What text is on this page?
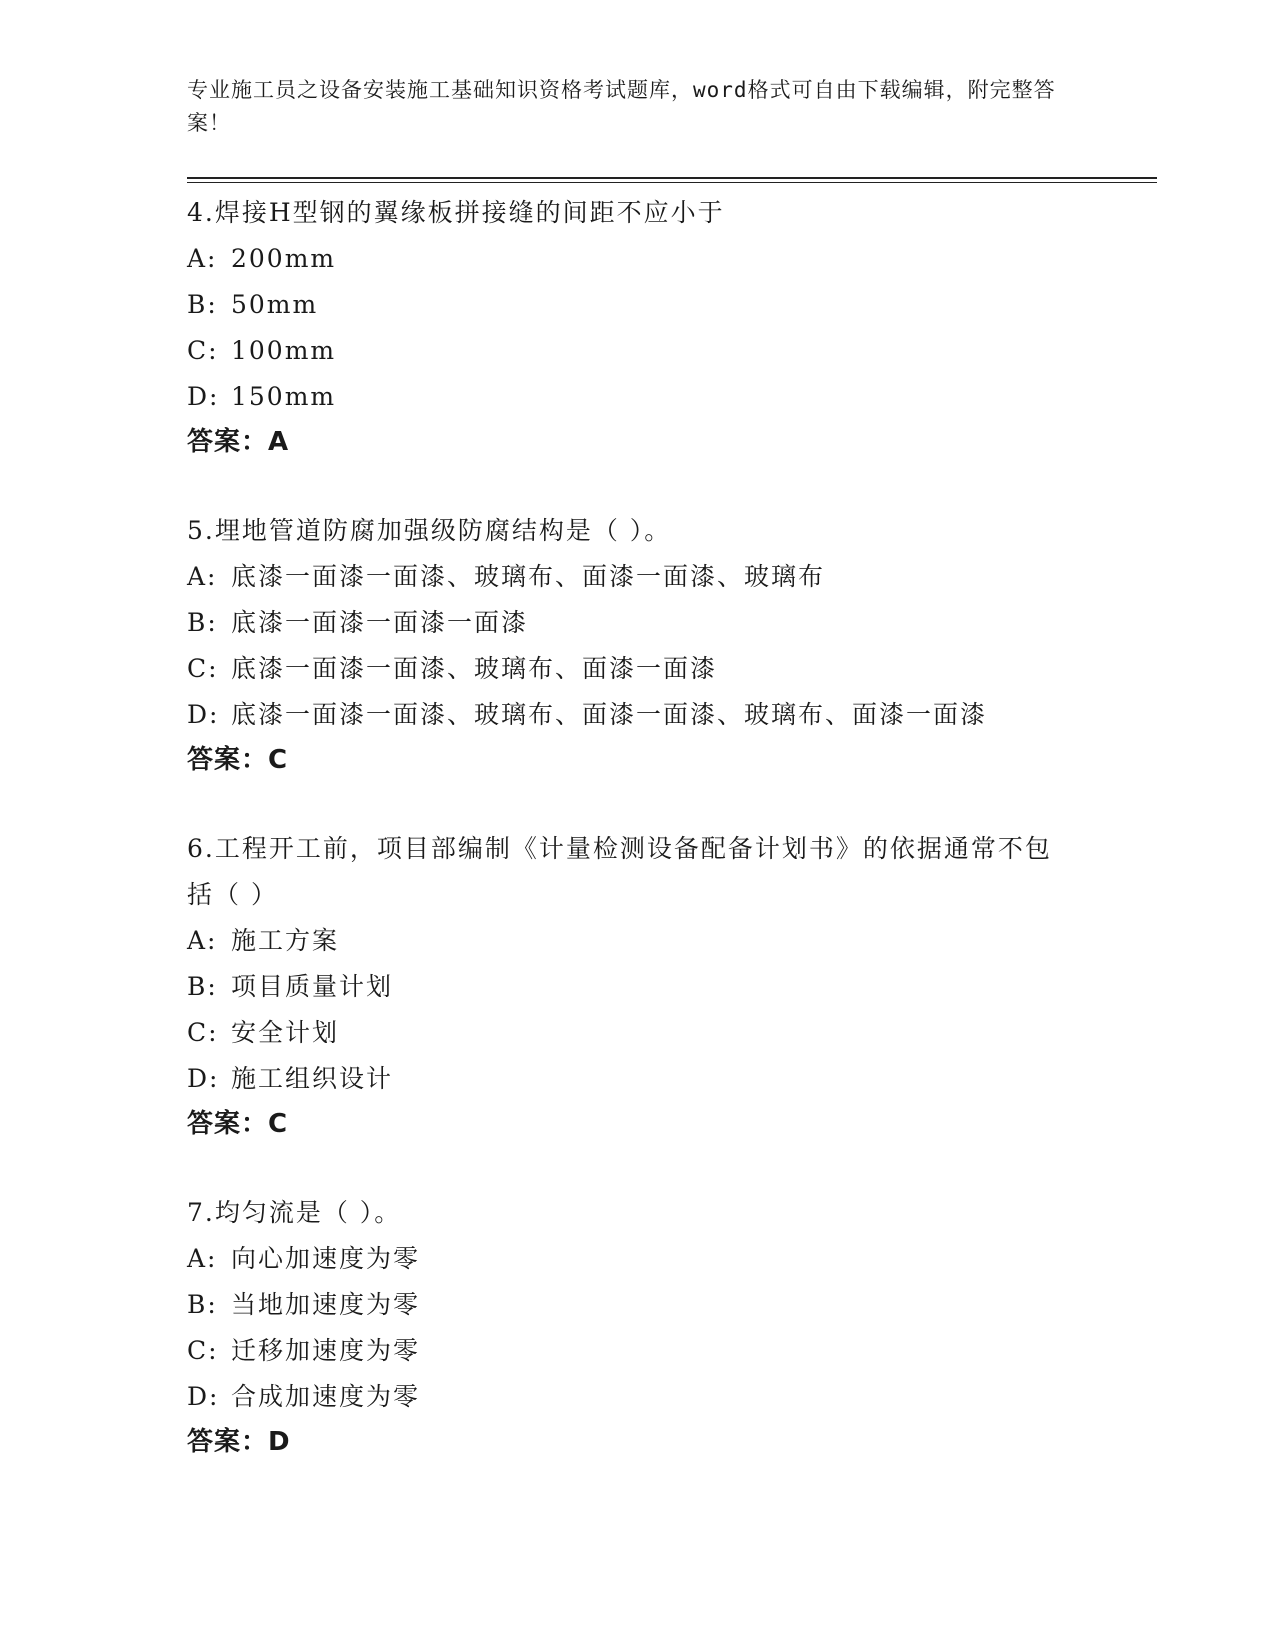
专业施工员之设备安装施工基础知识资格考试题库，word格式可自由下载编辑，附完整答案！
4.焊接H型钢的翼缘板拼接缝的间距不应小于
A: 200mm
B: 50mm
C: 100mm
D: 150mm
答案：A
5.埋地管道防腐加强级防腐结构是（ ）。
A: 底漆一面漆一面漆、玻璃布、面漆一面漆、玻璃布
B: 底漆一面漆一面漆一面漆
C: 底漆一面漆一面漆、玻璃布、面漆一面漆
D: 底漆一面漆一面漆、玻璃布、面漆一面漆、玻璃布、面漆一面漆
答案：C
6.工程开工前，项目部编制《计量检测设备配备计划书》的依据通常不包括（ ）
A: 施工方案
B: 项目质量计划
C: 安全计划
D: 施工组织设计
答案：C
7.均匀流是（ ）。
A: 向心加速度为零
B: 当地加速度为零
C: 迁移加速度为零
D: 合成加速度为零
答案：D
